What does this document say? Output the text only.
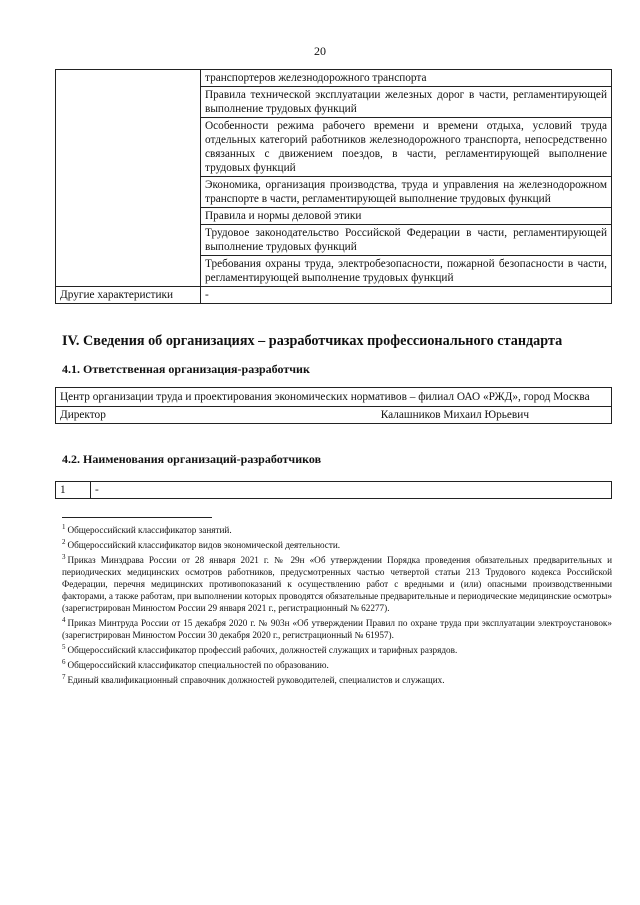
20
	транспортеров железнодорожного транспорта
	Правила технической эксплуатации железных дорог в части, регламентирующей выполнение трудовых функций
	Особенности режима рабочего времени и времени отдыха, условий труда отдельных категорий работников железнодорожного транспорта, непосредственно связанных с движением поездов, в части, регламентирующей выполнение трудовых функций
	Экономика, организация производства, труда и управления на железнодорожном транспорте в части, регламентирующей выполнение трудовых функций
	Правила и нормы деловой этики
	Трудовое законодательство Российской Федерации в части, регламентирующей выполнение трудовых функций
	Требования охраны труда, электробезопасности, пожарной безопасности в части, регламентирующей выполнение трудовых функций
Другие характеристики	-
IV. Сведения об организациях – разработчиках профессионального стандарта
4.1. Ответственная организация-разработчик
Центр организации труда и проектирования экономических нормативов – филиал ОАО «РЖД», город Москва
Директор	Калашников Михаил Юрьевич
4.2. Наименования организаций-разработчиков
1	-

$^1$ Общероссийский классификатор занятий.

$^2$ Общероссийский классификатор видов экономической деятельности.

$^3$ Приказ Минздрава России от 28 января 2021 г. № 29н «Об утверждении Порядка проведения обязательных предварительных и периодических медицинских осмотров работников, предусмотренных частью четвертой статьи 213 Трудового кодекса Российской Федерации, перечня медицинских противопоказаний к осуществлению работ с вредными и (или) опасными производственными факторами, а также работам, при выполнении которых проводятся обязательные предварительные и периодические медицинские осмотры» (зарегистрирован Минюстом России 29 января 2021 г., регистрационный № 62277).

$^4$ Приказ Минтруда России от 15 декабря 2020 г. № 903н «Об утверждении Правил по охране труда при эксплуатации электроустановок» (зарегистрирован Минюстом России 30 декабря 2020 г., регистрационный № 61957).

$^5$ Общероссийский классификатор профессий рабочих, должностей служащих и тарифных разрядов.

$^6$ Общероссийский классификатор специальностей по образованию.

$^7$ Единый квалификационный справочник должностей руководителей, специалистов и служащих.
